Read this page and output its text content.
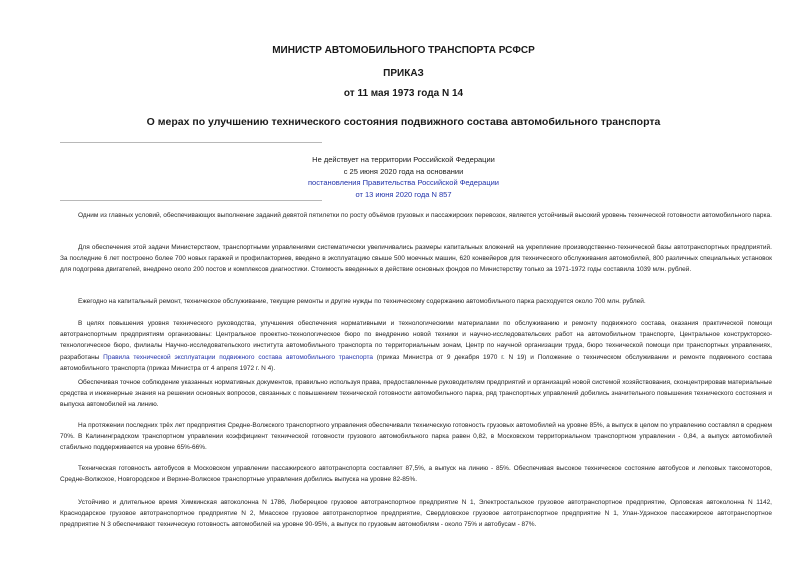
МИНИСТР АВТОМОБИЛЬНОГО ТРАНСПОРТА РСФСР

ПРИКАЗ

от 11 мая 1973 года N 14

О мерах по улучшению технического состояния подвижного состава автомобильного транспорта

Не действует на территории Российской Федерации
с 25 июня 2020 года на основании
постановления Правительства Российской Федерации
от 13 июня 2020 года N 857

Одним из главных условий, обеспечивающих выполнение заданий девятой пятилетки по росту объёмов грузовых и пассажирских перевозок, является устойчивый высокий уровень технической готовности автомобильного парка.

Для обеспечения этой задачи Министерством, транспортными управлениями систематически увеличивались размеры капитальных вложений на укрепление производственно-технической базы автотранспортных предприятий. За последние 6 лет построено более 700 новых гаражей и профилакториев, введено в эксплуатацию свыше 500 моечных машин, 620 конвейеров для технического обслуживания автомобилей, 800 различных специальных установок для подогрева двигателей, внедрено около 200 постов и комплексов диагностики. Стоимость введенных в действие основных фондов по Министерству только за 1971-1972 годы составила 1039 млн. рублей.

Ежегодно на капитальный ремонт, техническое обслуживание, текущие ремонты и другие нужды по техническому содержанию автомобильного парка расходуется около 700 млн. рублей.

В целях повышения уровня технического руководства, улучшения обеспечения нормативными и технологическими материалами по обслуживанию и ремонту подвижного состава, оказания практической помощи автотранспортным предприятиям организованы: Центральное проектно-технологическое бюро по внедрению новой техники и научно-исследовательских работ на автомобильном транспорте, Центральное конструкторско-технологическое бюро, филиалы Научно-исследовательского института автомобильного транспорта по территориальным зонам, Центр по научной организации труда, бюро технической помощи при транспортных управлениях, разработаны Правила технической эксплуатации подвижного состава автомобильного транспорта (приказ Министра от 9 декабря 1970 г. N 19) и Положение о техническом обслуживании и ремонте подвижного состава автомобильного транспорта (приказ Министра от 4 апреля 1972 г. N 4).

Обеспечивая точное соблюдение указанных нормативных документов, правильно используя права, предоставленные руководителям предприятий и организаций новой системой хозяйствования, сконцентрировав материальные средства и инженерные знания на решении основных вопросов, связанных с повышением технической готовности автомобильного парка, ряд транспортных управлений добились значительного повышения технического состояния и выпуска автомобилей на линию.

На протяжении последних трёх лет предприятия Средне-Волжского транспортного управления обеспечивали техническую готовность грузовых автомобилей на уровне 85%, а выпуск в целом по управлению составлял в среднем 70%. В Калининградском транспортном управлении коэффициент технической готовности грузового автомобильного парка равен 0,82, в Московском территориальном транспортном управлении - 0,84, а выпуск автомобилей стабильно поддерживается на уровне 65%-66%.

Техническая готовность автобусов в Московском управлении пассажирского автотранспорта составляет 87,5%, а выпуск на линию - 85%. Обеспечивая высокое техническое состояние автобусов и легковых таксомоторов, Средне-Волжское, Новгородское и Верхне-Волжское транспортные управления добились выпуска на уровне 82-85%.

Устойчиво и длительное время Химкинская автоколонна N 1786, Люберецкое грузовое автотранспортное предприятие N 1, Электростальское грузовое автотранспортное предприятие, Орловская автоколонна N 1142, Краснодарское грузовое автотранспортное предприятие N 2, Миасское грузовое автотранспортное предприятие, Свердловское грузовое автотранспортное предприятие N 1, Улан-Удэнское пассажирское автотранспортное предприятие N 3 обеспечивают техническую готовность автомобилей на уровне 90-95%, а выпуск по грузовым автомобилям - около 75% и автобусам - 87%.
